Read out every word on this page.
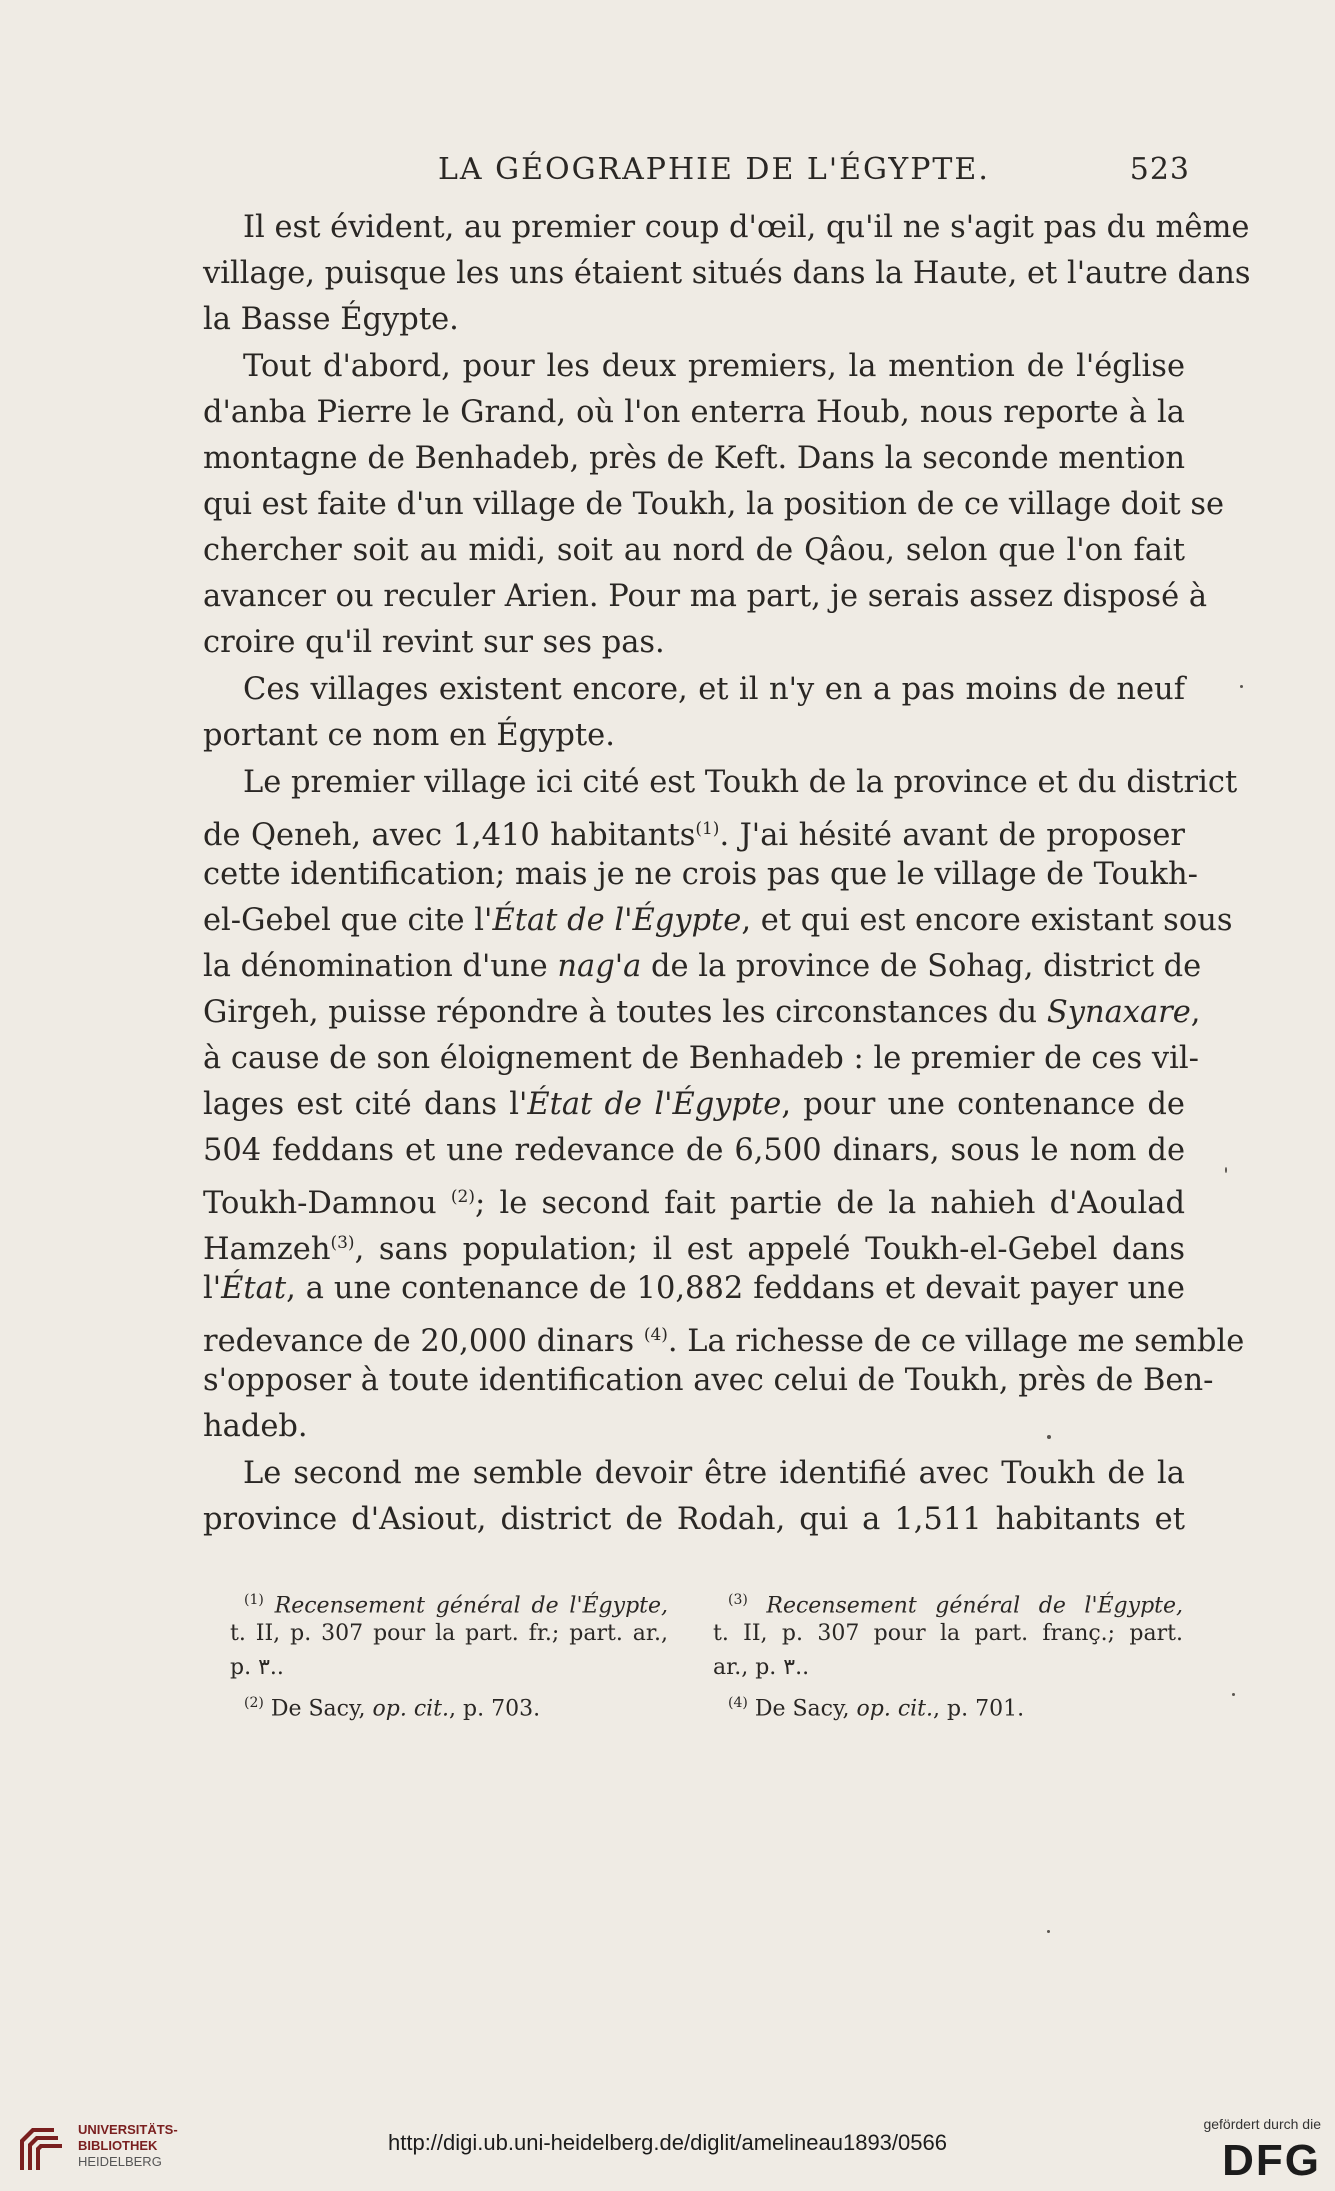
LA GÉOGRAPHIE DE L'ÉGYPTE.	523
Il est évident, au premier coup d'œil, qu'il ne s'agit pas du même
village, puisque les uns étaient situés dans la Haute, et l'autre dans
la Basse Égypte.
Tout d'abord, pour les deux premiers, la mention de l'église
d'anba Pierre le Grand, où l'on enterra Houb, nous reporte à la
montagne de Benhadeb, près de Keft. Dans la seconde mention
qui est faite d'un village de Toukh, la position de ce village doit se
chercher soit au midi, soit au nord de Qâou, selon que l'on fait
avancer ou reculer Arien. Pour ma part, je serais assez disposé à
croire qu'il revint sur ses pas.
Ces villages existent encore, et il n'y en a pas moins de neuf
portant ce nom en Égypte.
Le premier village ici cité est Toukh de la province et du district
de Qeneh, avec 1,410 habitants$^{(1)}$. J'ai hésité avant de proposer
cette identification; mais je ne crois pas que le village de Toukh-
el-Gebel que cite l'État de l'Égypte, et qui est encore existant sous
la dénomination d'une nag'a de la province de Sohag, district de
Girgeh, puisse répondre à toutes les circonstances du Synaxare,
à cause de son éloignement de Benhadeb : le premier de ces vil-
lages est cité dans l'État de l'Égypte, pour une contenance de
504 feddans et une redevance de 6,500 dinars, sous le nom de
Toukh-Damnou $^{(2)}$; le second fait partie de la nahieh d'Aoulad
Hamzeh$^{(3)}$, sans population; il est appelé Toukh-el-Gebel dans
l'État, a une contenance de 10,882 feddans et devait payer une
redevance de 20,000 dinars $^{(4)}$. La richesse de ce village me semble
s'opposer à toute identification avec celui de Toukh, près de Ben-
hadeb.
Le second me semble devoir être identifié avec Toukh de la
province d'Asiout, district de Rodah, qui a 1,511 habitants et
$^{(1)}$ Recensement général de l'Égypte,
t. II, p. 307 pour la part. fr.; part. ar.,
p. ٣..
$^{(2)}$ De Sacy, op. cit., p. 703.
$^{(3)}$ Recensement général de l'Égypte,
t. II, p. 307 pour la part. franç.; part.
ar., p. ٣..
$^{(4)}$ De Sacy, op. cit., p. 701.
UNIVERSITÄTS-
BIBLIOTHEK
HEIDELBERG
http://digi.ub.uni-heidelberg.de/diglit/amelineau1893/0566
gefördert durch die
DFG
